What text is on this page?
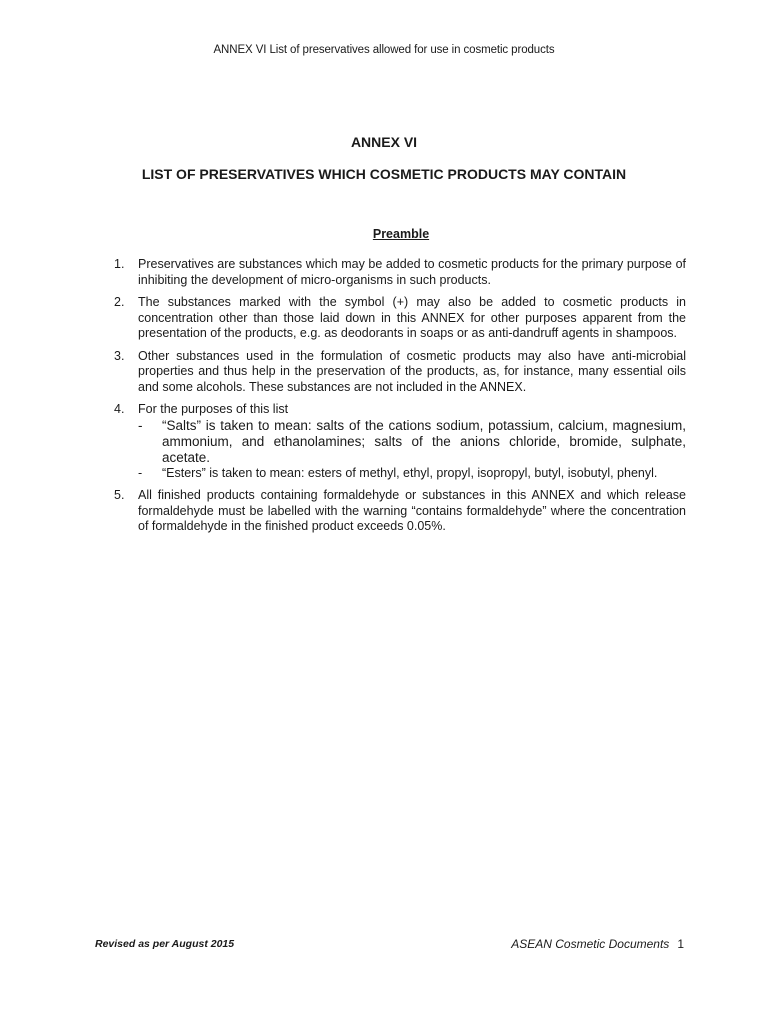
ANNEX VI List of preservatives allowed for use in cosmetic products
ANNEX VI
LIST OF PRESERVATIVES WHICH COSMETIC PRODUCTS MAY CONTAIN
Preamble
1. Preservatives are substances which may be added to cosmetic products for the primary purpose of inhibiting the development of micro-organisms in such products.
2. The substances marked with the symbol (+) may also be added to cosmetic products in concentration other than those laid down in this ANNEX for other purposes apparent from the presentation of the products, e.g. as deodorants in soaps or as anti-dandruff agents in shampoos.
3. Other substances used in the formulation of cosmetic products may also have anti-microbial properties and thus help in the preservation of the products, as, for instance, many essential oils and some alcohols. These substances are not included in the ANNEX.
4. For the purposes of this list
- “Salts” is taken to mean: salts of the cations sodium, potassium, calcium, magnesium, ammonium, and ethanolamines; salts of the anions chloride, bromide, sulphate, acetate.
- “Esters” is taken to mean: esters of methyl, ethyl, propyl, isopropyl, butyl, isobutyl, phenyl.
5. All finished products containing formaldehyde or substances in this ANNEX and which release formaldehyde must be labelled with the warning “contains formaldehyde” where the concentration of formaldehyde in the finished product exceeds 0.05%.
Revised as per August 2015	ASEAN Cosmetic Documents 1
